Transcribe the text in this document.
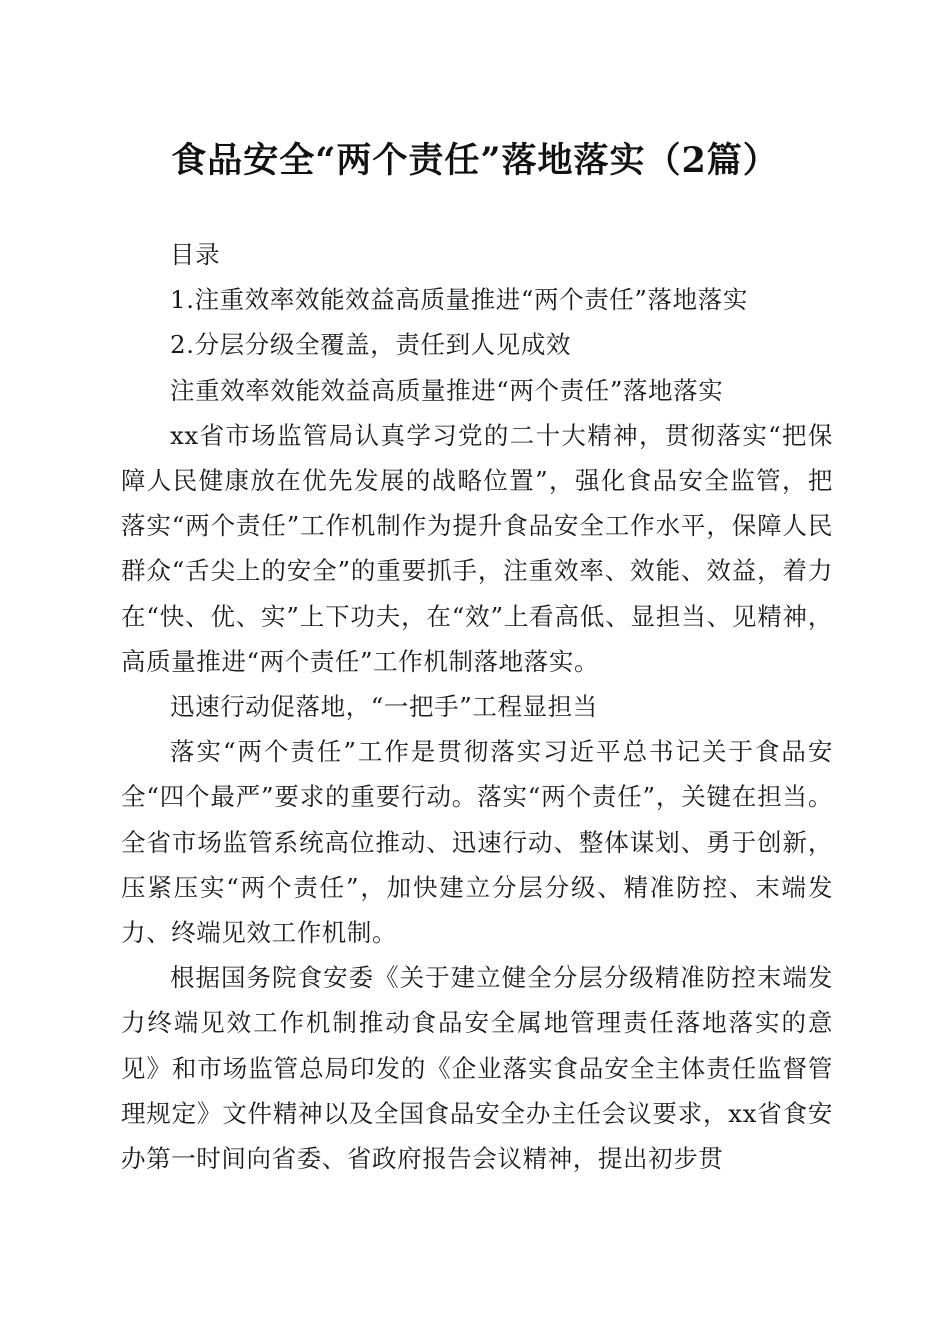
食品安全“两个责任”落地落实（2篇）

目录

1.注重效率效能效益高质量推进“两个责任”落地落实

2.分层分级全覆盖，责任到人见成效

注重效率效能效益高质量推进“两个责任”落地落实

xx省市场监管局认真学习党的二十大精神，贯彻落实“把保障人民健康放在优先发展的战略位置”，强化食品安全监管，把落实“两个责任”工作机制作为提升食品安全工作水平，保障人民群众“舌尖上的安全”的重要抓手，注重效率、效能、效益，着力在“快、优、实”上下功夫，在“效”上看高低、显担当、见精神，高质量推进“两个责任”工作机制落地落实。

迅速行动促落地，“一把手”工程显担当

落实“两个责任”工作是贯彻落实习近平总书记关于食品安全“四个最严”要求的重要行动。落实“两个责任”，关键在担当。全省市场监管系统高位推动、迅速行动、整体谋划、勇于创新，压紧压实“两个责任”，加快建立分层分级、精准防控、末端发力、终端见效工作机制。

根据国务院食安委《关于建立健全分层分级精准防控末端发力终端见效工作机制推动食品安全属地管理责任落地落实的意见》和市场监管总局印发的《企业落实食品安全主体责任监督管理规定》文件精神以及全国食品安全办主任会议要求，xx省食安办第一时间向省委、省政府报告会议精神，提出初步贯
